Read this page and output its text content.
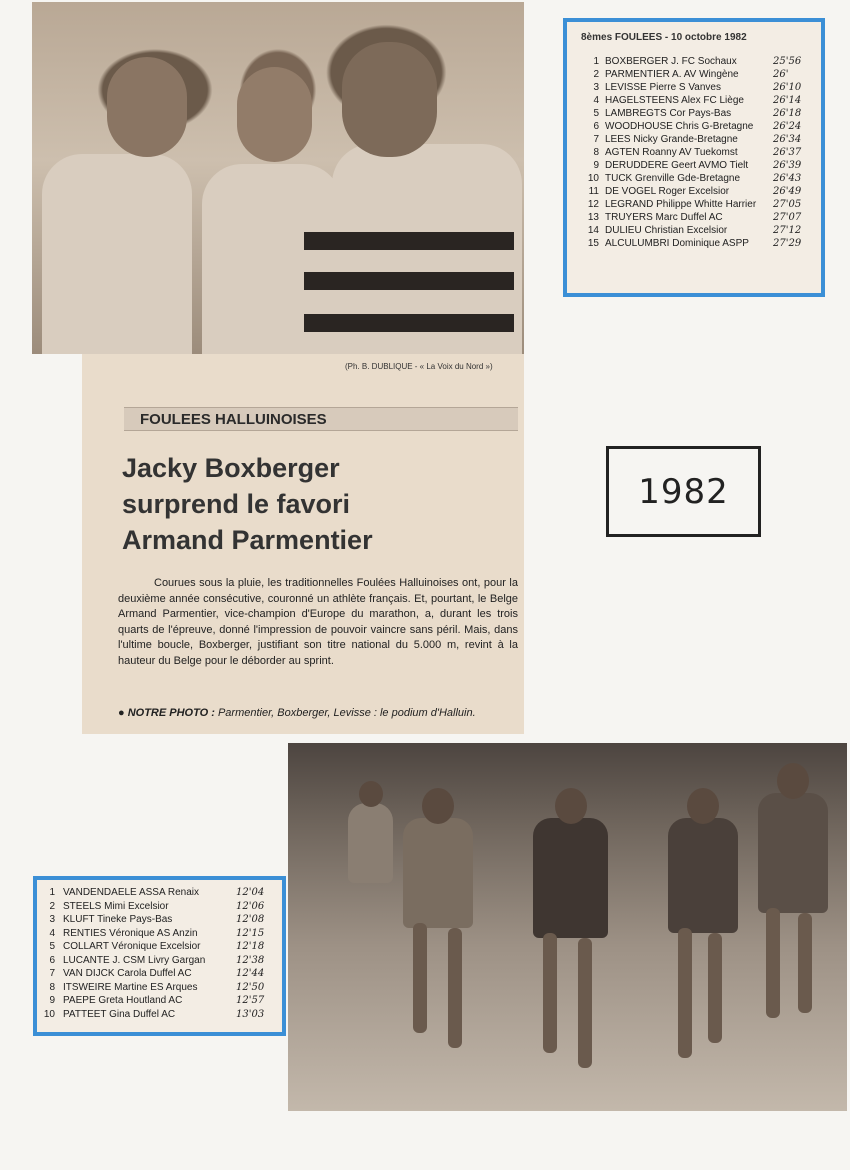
(Ph. B. DUBLIQUE - « La Voix du Nord »)
FOULEES HALLUINOISES
Jacky Boxberger
surprend le favori
Armand Parmentier
Courues sous la pluie, les traditionnelles Foulées Halluinoises ont, pour la deuxième année consécutive, couronné un athlète français. Et, pourtant, le Belge Armand Parmentier, vice-champion d'Europe du marathon, a, durant les trois quarts de l'épreuve, donné l'impression de pouvoir vaincre sans péril. Mais, dans l'ultime boucle, Boxberger, justifiant son titre national du 5.000 m, revint à la hauteur du Belge pour le déborder au sprint.
● NOTRE PHOTO : Parmentier, Boxberger, Levisse : le podium d'Halluin.
8èmes FOULEES - 10 octobre 1982
1 BOXBERGER J. FC Sochaux	25'56
2 PARMENTIER A. AV Wingène	26'
3 LEVISSE Pierre S Vanves	26'10
4 HAGELSTEENS Alex FC Liège	26'14
5 LAMBREGTS Cor Pays-Bas	26'18
6 WOODHOUSE Chris G-Bretagne	26'24
7 LEES Nicky Grande-Bretagne	26'34
8 AGTEN Roanny AV Tuekomst	26'37
9 DERUDDERE Geert AVMO Tielt	26'39
10 TUCK Grenville Gde-Bretagne	26'43
11 DE VOGEL Roger Excelsior	26'49
12 LEGRAND Philippe Whitte Harrier	27'05
13 TRUYERS Marc Duffel AC	27'07
14 DULIEU Christian Excelsior	27'12
15 ALCULUMBRI Dominique ASPP	27'29
1982
1 VANDENDAELE ASSA Renaix	12'04
2 STEELS Mimi Excelsior	12'06
3 KLUFT Tineke Pays-Bas	12'08
4 RENTIES Véronique AS Anzin	12'15
5 COLLART Véronique Excelsior	12'18
6 LUCANTE J. CSM Livry Gargan	12'38
7 VAN DIJCK Carola Duffel AC	12'44
8 ITSWEIRE Martine ES Arques	12'50
9 PAEPE Greta Houtland AC	12'57
10 PATTEET Gina Duffel AC	13'03
